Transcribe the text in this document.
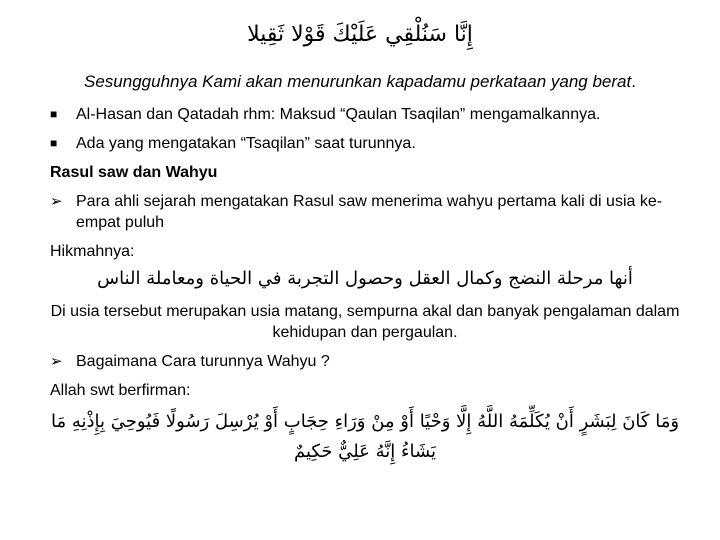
إِنَّا سَنُلْقِي عَلَيْكَ قَوْلا ثَقِيلا
Sesungguhnya Kami akan menurunkan kapadamu perkataan yang berat.
■	Al-Hasan dan Qatadah rhm: Maksud “Qaulan Tsaqilan” mengamalkannya.
■	Ada yang mengatakan “Tsaqilan” saat turunnya.
Rasul saw dan Wahyu
➢ Para ahli sejarah mengatakan Rasul saw menerima wahyu pertama kali di usia ke-empat puluh
Hikmahnya:
أنها مرحلة النضج وكمال العقل وحصول التجربة في الحياة ومعاملة الناس
Di usia tersebut merupakan usia matang, sempurna akal dan banyak pengalaman dalam kehidupan dan pergaulan.
➢ Bagaimana Cara turunnya Wahyu ?
Allah swt berfirman:
وَمَا كَانَ لِبَشَرٍ أَنْ يُكَلِّمَهُ اللَّهُ إِلَّا وَحْيًا أَوْ مِنْ وَرَاءِ حِجَابٍ أَوْ يُرْسِلَ رَسُولًا فَيُوحِيَ بِإِذْنِهِ مَا يَشَاءُ إِنَّهُ عَلِيٌّ حَكِيمٌ
